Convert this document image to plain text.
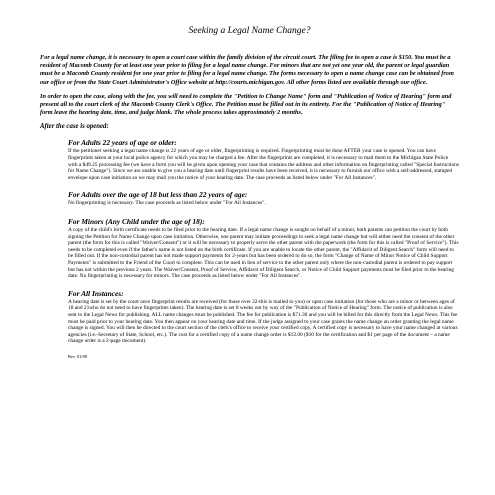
Seeking a Legal Name Change?

For a legal name change, it is necessary to open a court case within the family division of the circuit court. The filing fee to open a case is $150. You must be a resident of Macomb County for at least one year prior to filing for a legal name change. For minors that are not yet one year old, the parent or legal guardian must be a Macomb County resident for one year prior to filing for a legal name change. The forms necessary to open a name change case can be obtained from our office or from the State Court Administrator's Office website at http://courts.michigan.gov. All other forms listed are available through our office.

In order to open the case, along with the fee, you will need to complete the "Petition to Change Name" form and "Publication of Notice of Hearing" form and present all to the court clerk of the Macomb County Clerk's Office. The Petition must be filled out in its entirety. For the "Publication of Notice of Hearing" form leave the hearing date, time, and judge blank. The whole process takes approximately 2 months.

After the case is opened:
For Adults 22 years of age or older:

If the petitioner seeking a legal name change is 22 years of age or older, fingerprinting is required. Fingerprinting must be done AFTER your case is opened. You can have fingerprints taken at your local police agency for which you may be charged a fee. After the fingerprints are completed, it is necessary to mail them to the Michigan State Police with a $49.25 processing fee (we have a form you will be given upon opening your case that contains the address and other information on fingerprinting called "Special Instructions for Name Change"). Since we are unable to give you a hearing date until fingerprint results have been received, it is necessary to furnish our office with a self-addressed, stamped envelope upon case initiation so we may mail you the notice of your hearing date. The case proceeds as listed below under "For All Instances".

For Adults over the age of 18 but less than 22 years of age:

No fingerprinting is necessary. The case proceeds as listed below under "For All Instances".

For Minors (Any Child under the age of 18):

A copy of the child's birth certificate needs to be filed prior to the hearing date. If a legal name change is sought on behalf of a minor, both parents can petition the court by both signing the Petition for Name Change upon case initiation. Otherwise, one parent may initiate proceedings to seek a legal name change but will either need the consent of the other parent (the form for this is called "Waiver/Consent") or it will be necessary to properly serve the other parent with the paperwork (the form for this is called "Proof of Service"). This needs to be completed even if the father's name is not listed on the birth certificate. If you are unable to locate the other parent, the "Affidavit of Diligent Search" form will need to be filled out. If the non-custodial parent has not made support payments for 2-years but has been ordered to do so, the form "Change of Name of Minor Notice of Child Support Payments" is submitted to the Friend of the Court to complete. This can be used in lieu of service to the other parent only where the non-custodial parent is ordered to pay support but has not within the previous 2 years. The Waiver/Consent, Proof of Service, Affidavit of Diligent Search, or Notice of Child Support payments must be filed prior to the hearing date. No fingerprinting is necessary for minors. The case proceeds as listed below under "For All Instances".

For All Instances:

A hearing date is set by the court once fingerprint results are received (for those over 22-this is mailed to you) or upon case initiation (for those who are a minor or between ages of 18 and 21who do not need to have fingerprints taken). The hearing date is set 8 weeks out by way of the "Publication of Notice of Hearing" form. The notice of publication is also sent to the Legal News for publishing. ALL name changes must be published. The fee for publication is $71.30 and you will be billed for this directly from the Legal News. This fee must be paid prior to your hearing date. You then appear on your hearing date and time. If the judge assigned to your case grants the name change an order granting the legal name change is signed. You will then be directed to the court section of the clerk's office to receive your certified copy. A certified copy is necessary to have your name changed at various agencies (i.e.-Secretary of State, School, etc.). The cost for a certified copy of a name change order is $12.00 ($10 for the certification and $1 per page of the document – a name change order is a 2-page document).

Rev. 01/08
